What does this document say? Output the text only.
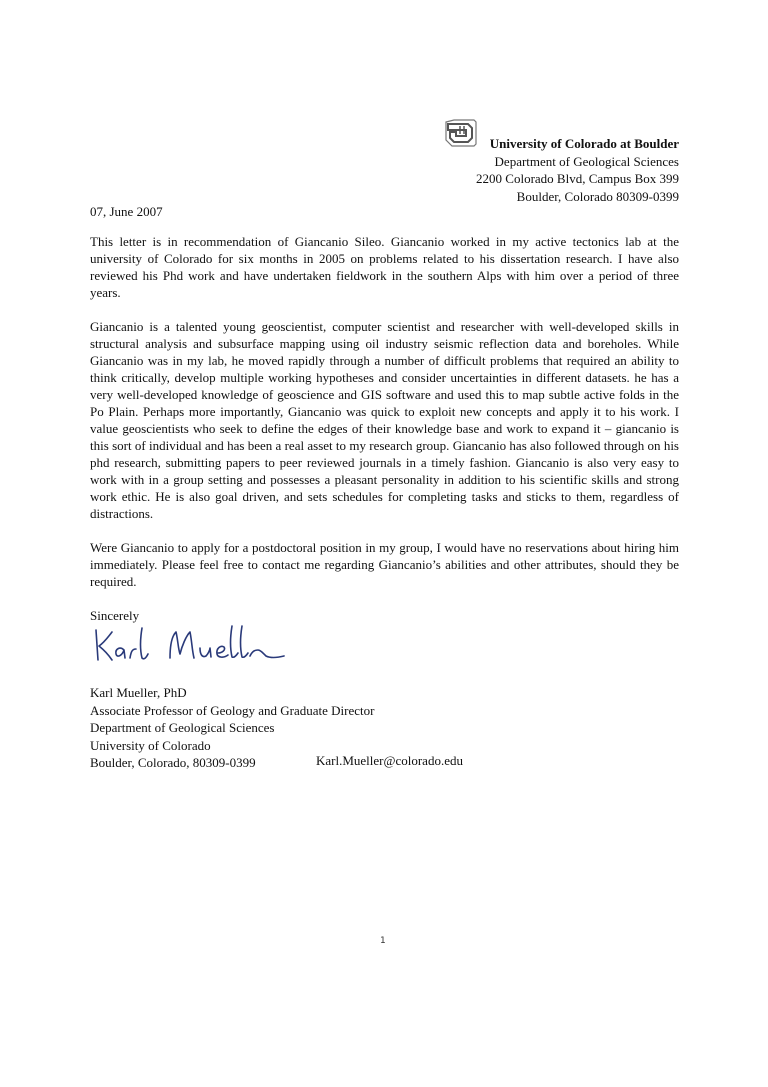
University of Colorado at Boulder
Department of Geological Sciences
2200 Colorado Blvd, Campus Box 399
Boulder, Colorado 80309-0399
07, June 2007

This letter is in recommendation of Giancanio Sileo. Giancanio worked in my active tectonics lab at the university of Colorado for six months in 2005 on problems related to his dissertation research. I have also reviewed his Phd work and have undertaken fieldwork in the southern Alps with him over a period of three years.

Giancanio is a talented young geoscientist, computer scientist and researcher with well-developed skills in structural analysis and subsurface mapping using oil industry seismic reflection data and boreholes. While Giancanio was in my lab, he moved rapidly through a number of difficult problems that required an ability to think critically, develop multiple working hypotheses and consider uncertainties in different datasets. he has a very well-developed knowledge of geoscience and GIS software and used this to map subtle active folds in the Po Plain. Perhaps more importantly, Giancanio was quick to exploit new concepts and apply it to his work. I value geoscientists who seek to define the edges of their knowledge base and work to expand it – giancanio is this sort of individual and has been a real asset to my research group. Giancanio has also followed through on his phd research, submitting papers to peer reviewed journals in a timely fashion. Giancanio is also very easy to work with in a group setting and possesses a pleasant personality in addition to his scientific skills and strong work ethic. He is also goal driven, and sets schedules for completing tasks and sticks to them, regardless of distractions.

Were Giancanio to apply for a postdoctoral position in my group, I would have no reservations about hiring him immediately. Please feel free to contact me regarding Giancanio’s abilities and other attributes, should they be required.

Sincerely

Karl Mueller, PhD
Associate Professor of Geology and Graduate Director
Department of Geological Sciences
University of Colorado
Boulder, Colorado, 80309-0399	Karl.Mueller@colorado.edu
1
